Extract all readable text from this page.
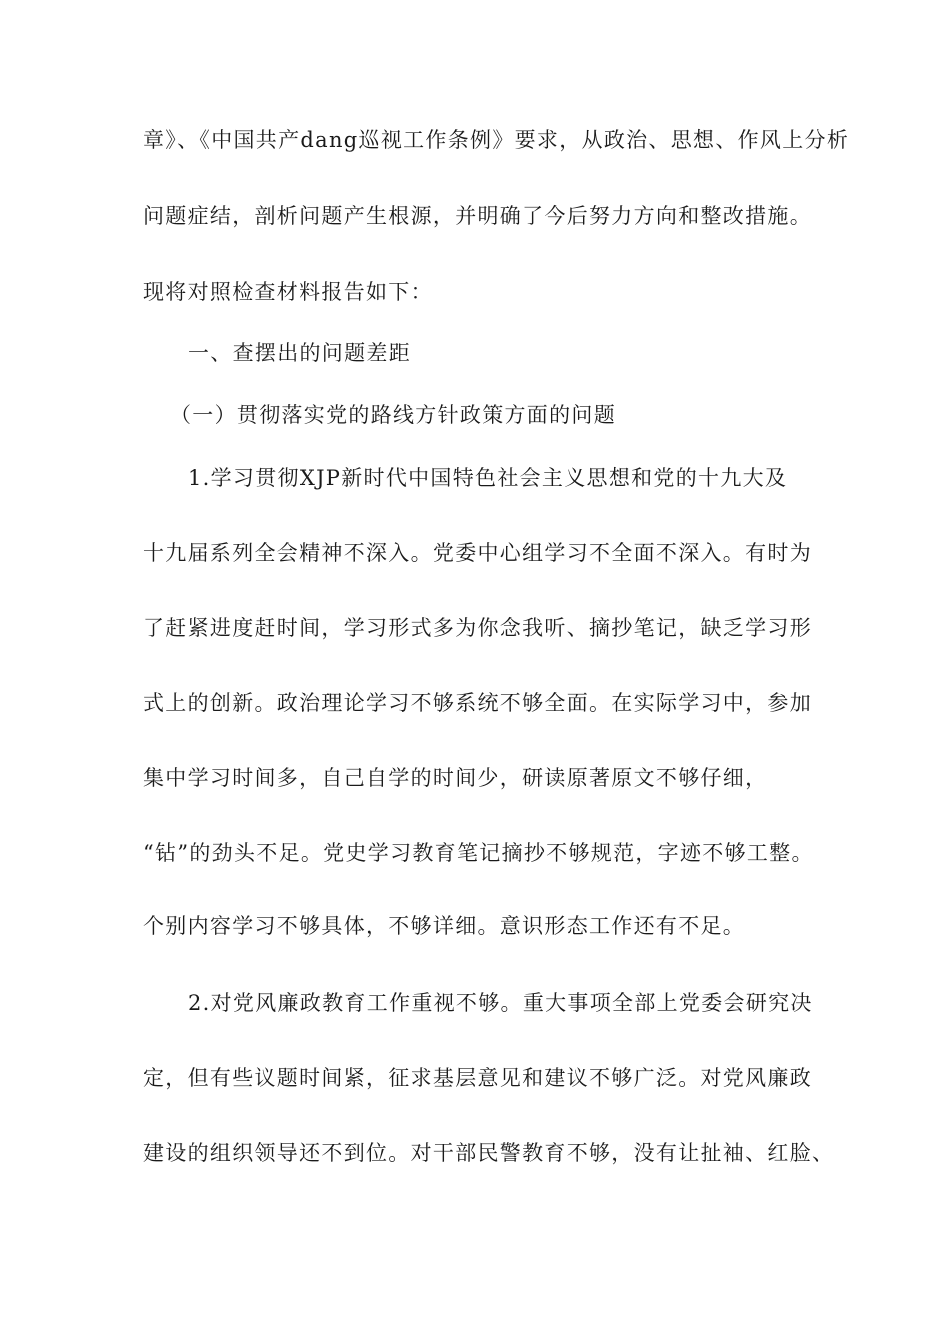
章》、《中国共产dang巡视工作条例》要求，从政治、思想、作风上分析
问题症结，剖析问题产生根源，并明确了今后努力方向和整改措施。
现将对照检查材料报告如下：
一、查摆出的问题差距
（一）贯彻落实党的路线方针政策方面的问题
1.学习贯彻XJP新时代中国特色社会主义思想和党的十九大及
十九届系列全会精神不深入。党委中心组学习不全面不深入。有时为
了赶紧进度赶时间，学习形式多为你念我听、摘抄笔记，缺乏学习形
式上的创新。政治理论学习不够系统不够全面。在实际学习中，参加
集中学习时间多，自己自学的时间少，研读原著原文不够仔细，
“钻”的劲头不足。党史学习教育笔记摘抄不够规范，字迹不够工整。
个别内容学习不够具体，不够详细。意识形态工作还有不足。
2.对党风廉政教育工作重视不够。重大事项全部上党委会研究决
定，但有些议题时间紧，征求基层意见和建议不够广泛。对党风廉政
建设的组织领导还不到位。对干部民警教育不够，没有让扯袖、红脸、
